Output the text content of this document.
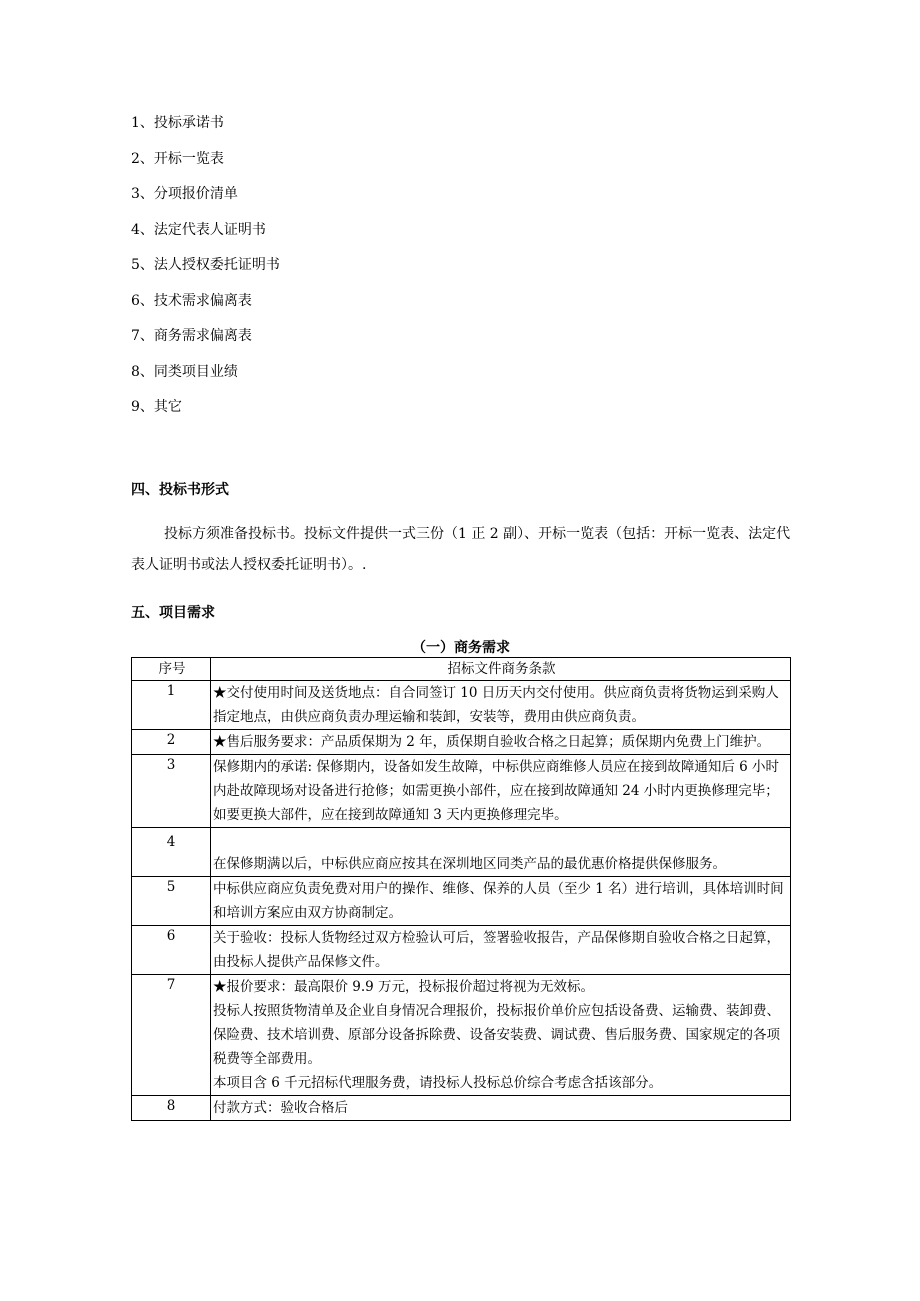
1、投标承诺书
2、开标一览表
3、分项报价清单
4、法定代表人证明书
5、法人授权委托证明书
6、技术需求偏离表
7、商务需求偏离表
8、同类项目业绩
9、其它
四、投标书形式
投标方须准备投标书。投标文件提供一式三份（1 正 2 副）、开标一览表（包括：开标一览表、法定代表人证明书或法人授权委托证明书）。.
五、项目需求
（一）商务需求
序号	招标文件商务条款
1	★交付使用时间及送货地点：自合同签订 10 日历天内交付使用。供应商负责将货物运到采购人指定地点，由供应商负责办理运输和装卸，安装等，费用由供应商负责。

2	★售后服务要求：产品质保期为 2 年，质保期自验收合格之日起算；质保期内免费上门维护。

3	保修期内的承诺: 保修期内，设备如发生故障，中标供应商维修人员应在接到故障通知后 6 小时内赴故障现场对设备进行抢修；如需更换小部件，应在接到故障通知 24 小时内更换修理完毕；如要更换大部件，应在接到故障通知 3 天内更换修理完毕。

4	在保修期满以后，中标供应商应按其在深圳地区同类产品的最优惠价格提供保修服务。

5	中标供应商应负责免费对用户的操作、维修、保养的人员（至少 1 名）进行培训，具体培训时间和培训方案应由双方协商制定。

6	关于验收：投标人货物经过双方检验认可后，签署验收报告，产品保修期自验收合格之日起算，由投标人提供产品保修文件。

7	★报价要求：最高限价 9.9 万元，投标报价超过将视为无效标。
投标人按照货物清单及企业自身情况合理报价，投标报价单价应包括设备费、运输费、装卸费、保险费、技术培训费、原部分设备拆除费、设备安装费、调试费、售后服务费、国家规定的各项税费等全部费用。
本项目含 6 千元招标代理服务费，请投标人投标总价综合考虑含括该部分。

8	付款方式：验收合格后
